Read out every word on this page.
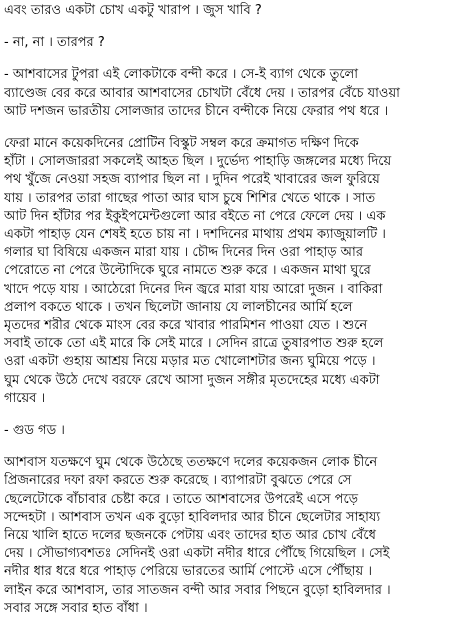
এবং তারও একটা চোখ একটু খারাপ । জুস খাবি ?
- না, না । তারপর ?
- আশবাসের টুপরা এই লোকটাকে বন্দী করে । সে-ই ব্যাগ থেকে তুলো
ব্যাণ্ডেজ বের করে আবার আশবাসের চোখটা বেঁধে দেয় । তারপর বেঁচে যাওয়া
আট দশজন ভারতীয় সোলজার তাদের চীনে বন্দীকে নিয়ে ফেরার পথ ধরে ।
ফেরা মানে কয়েকদিনের প্রোটিন বিস্কুট সম্বল করে ক্রমাগত দক্ষিণ দিকে
হাঁটা । সোলজাররা সকলেই আহত ছিল । দুর্ভেদ্য পাহাড়ি জঙ্গলের মধ্যে দিয়ে
পথ খুঁজে নেওয়া সহজ ব্যাপার ছিল না । দুদিন পরেই খাবারের জল ফুরিয়ে
যায় । তারপর তারা গাছের পাতা আর ঘাস চুষে শিশির খেতে থাকে । সাত
আট দিন হাঁটার পর ইকুইপমেন্টগুলো আর বইতে না পেরে ফেলে দেয় । এক
একটা পাহাড় যেন শেষই হতে চায় না । দশদিনের মাথায় প্রথম ক্যাজুয়ালটি ।
গলার ঘা বিষিয়ে একজন মারা যায় । চৌদ্দ দিনের দিন ওরা পাহাড় আর
পেরোতে না পেরে উল্টোদিকে ঘুরে নামতে শুরু করে । একজন মাথা ঘুরে
খাদে পড়ে যায় । আঠেরো দিনের দিন জ্বরে মারা যায় আরো দুজন । বাকিরা
প্রলাপ বকতে থাকে । তখন ছিলেটা জানায় যে লালচীনের আর্মি হলে
মৃতদের শরীর থেকে মাংস বের করে খাবার পারমিশন পাওয়া যেত । শুনে
সবাই তাকে তো এই মারে কি সেই মারে । সেদিন রাত্রে তুষারপাত শুরু হলে
ওরা একটা গুহায় আশ্রয় নিয়ে মড়ার মত খোলোশটার জন্য ঘুমিয়ে পড়ে ।
ঘুম থেকে উঠে দেখে বরফে রেখে আসা দুজন সঙ্গীর মৃতদেহের মধ্যে একটা
গায়েব ।
- গুড গড ।
আশবাস যতক্ষণে ঘুম থেকে উঠেছে ততক্ষণে দলের কয়েকজন লোক চীনে
প্রিজনারের দফা রফা করতে শুরু করেছে । ব্যাপারটা বুঝতে পেরে সে
ছেলেটোকে বাঁচাবার চেষ্টা করে । তাতে আশবাসের উপরেই এসে পড়ে
সন্দেহটা । আশবাস তখন এক বুড়ো হাবিলদার আর চীনে ছেলেটার সাহায্য
নিয়ে খালি হাতে দলের ছজনকে পেটায় এবং তাদের হাত আর চোখ বেঁধে
দেয় । সৌভাগ্যবশতঃ সেদিনই ওরা একটা নদীর ধারে পৌঁছে গিয়েছিল । সেই
নদীর ধার ধরে ধরে পাহাড় পেরিয়ে ভারতের আর্মি পোস্টে এসে পৌঁছায় ।
লাইন করে আশবাস, তার সাতজন বন্দী আর সবার পিছনে বুড়ো হাবিলদার ।
সবার সঙ্গে সবার হাত বাঁধা ।
